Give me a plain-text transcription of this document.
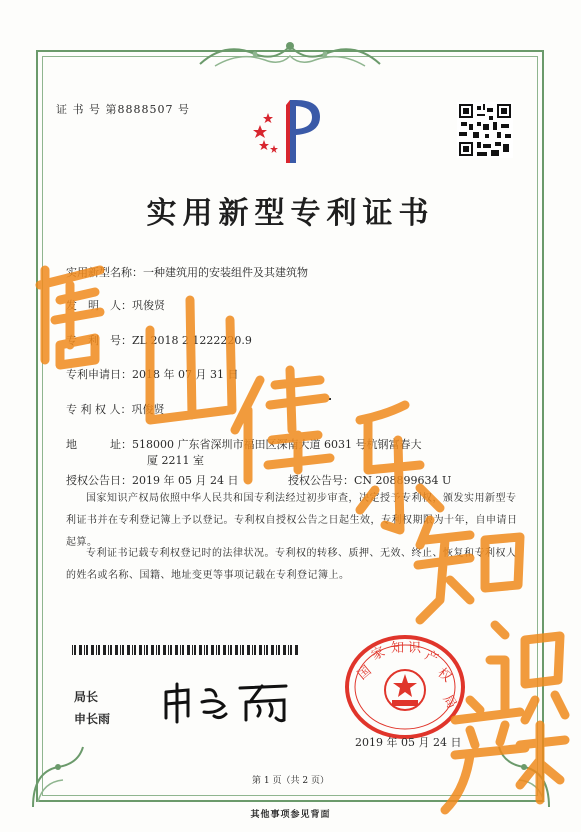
证 书 号 第8888507 号
实用新型专利证书
实用新型名称：一种建筑用的安装组件及其建筑物
发　明　人：巩俊贤
专　利　号：ZL 2018 2 1222220.9
专利申请日：2018 年 07 月 31 日
专 利 权 人：巩俊贤
地　　　址：518000 广东省深圳市福田区深南大道 6031 号杭钢富春大
厦 2211 室
授权公告日：2019 年 05 月 24 日	授权公告号：CN 208899634 U
国家知识产权局依照中华人民共和国专利法经过初步审查，决定授予专利权，颁发实用新型专利证书并在专利登记簿上予以登记。专利权自授权公告之日起生效，专利权期限为十年，自申请日起算。
专利证书记载专利权登记时的法律状况。专利权的转移、质押、无效、终止、恢复和专利权人的姓名或名称、国籍、地址变更等事项记载在专利登记簿上。
局长
申长雨
国
家 知 识 产
权
局
2019 年 05 月 24 日
第 1 页（共 2 页）
其他事项参见背面
